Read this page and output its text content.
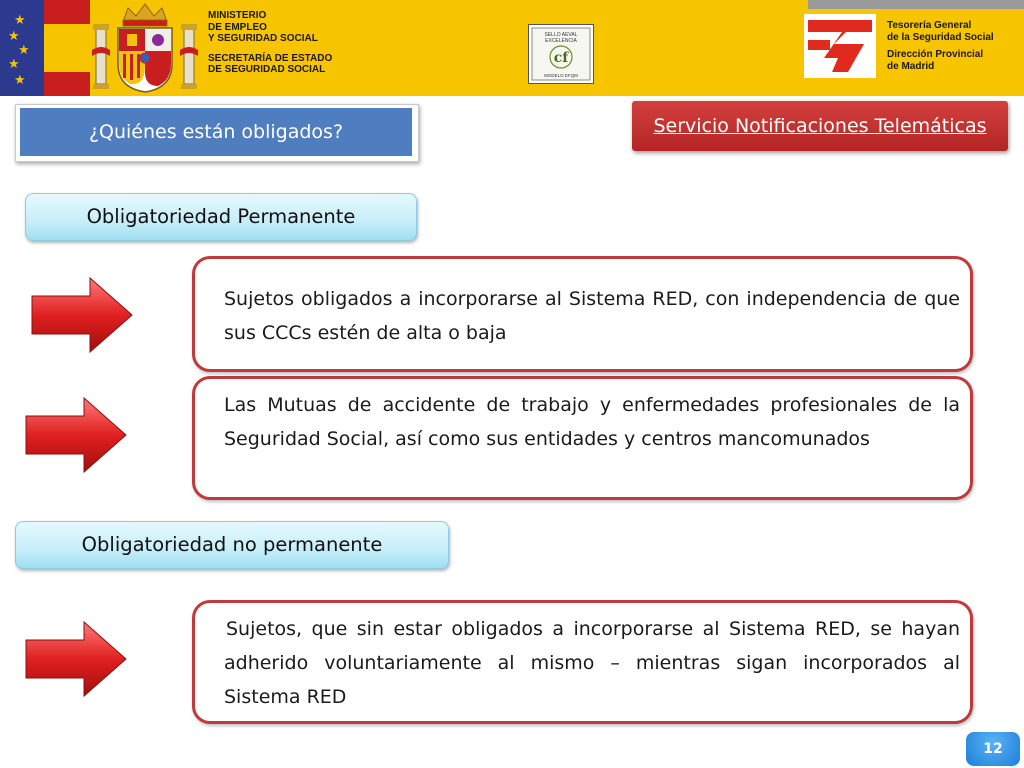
★
★
★
★
★
MINISTERIO
DE EMPLEO
Y SEGURIDAD SOCIAL
SECRETARÍA DE ESTADO
DE SEGURIDAD SOCIAL
SELLO AEVAL
EXCELENCIA
cf
MODELO EFQM
Tesorería General
de la Seguridad Social
Dirección Provincial
de Madrid
¿Quiénes están obligados?	Servicio Notificaciones Telemáticas
Obligatoriedad Permanente

Sujetos obligados a incorporarse al Sistema RED, con independencia de que sus CCCs estén de alta o baja

Las Mutuas de accidente de trabajo y enfermedades profesionales de la Seguridad Social, así como sus entidades y centros mancomunados

Obligatoriedad no permanente

Sujetos, que sin estar obligados a incorporarse al Sistema RED, se hayan adherido voluntariamente al mismo – mientras sigan incorporados al Sistema RED

12
